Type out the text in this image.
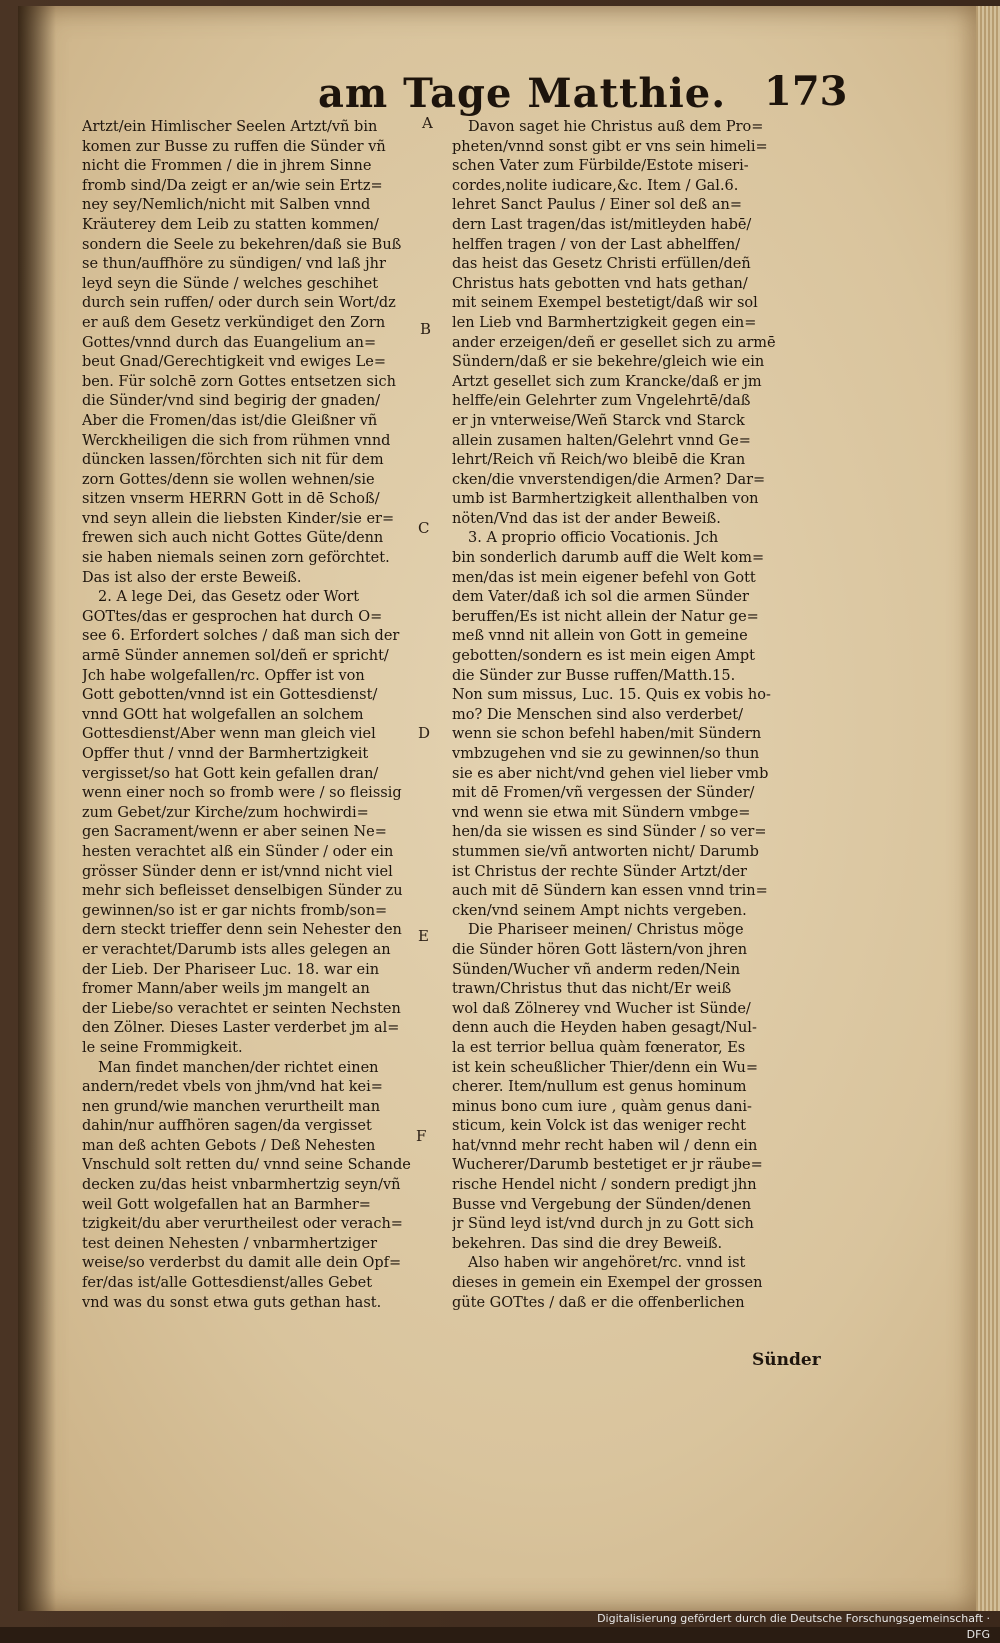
am Tage Matthie. 173
Artzt/ein Himlischer Seelen Artzt/vñ bin
komen zur Busse zu ruffen die Sünder vñ
nicht die Frommen / die in jhrem Sinne
fromb sind/Da zeigt er an/wie sein Ertz=
ney sey/Nemlich/nicht mit Salben vnnd
Kräuterey dem Leib zu statten kommen/
sondern die Seele zu bekehren/daß sie Buß
se thun/auffhöre zu sündigen/ vnd laß jhr
leyd seyn die Sünde / welches geschihet
durch sein ruffen/ oder durch sein Wort/dz
er auß dem Gesetz verkündiget den Zorn
Gottes/vnnd durch das Euangelium an=
beut Gnad/Gerechtigkeit vnd ewiges Le=
ben. Für solchē zorn Gottes entsetzen sich
die Sünder/vnd sind begirig der gnaden/
Aber die Fromen/das ist/die Gleißner vñ
Werckheiligen die sich from rühmen vnnd
düncken lassen/förchten sich nit für dem
zorn Gottes/denn sie wollen wehnen/sie
sitzen vnserm HERRN Gott in dē Schoß/
vnd seyn allein die liebsten Kinder/sie er=
frewen sich auch nicht Gottes Güte/denn
sie haben niemals seinen zorn geförchtet.
Das ist also der erste Beweiß.
2. A lege Dei, das Gesetz oder Wort
GOTtes/das er gesprochen hat durch O=
see 6. Erfordert solches / daß man sich der
armē Sünder annemen sol/deñ er spricht/
Jch habe wolgefallen/rc. Opffer ist von
Gott gebotten/vnnd ist ein Gottesdienst/
vnnd GOtt hat wolgefallen an solchem
Gottesdienst/Aber wenn man gleich viel
Opffer thut / vnnd der Barmhertzigkeit
vergisset/so hat Gott kein gefallen dran/
wenn einer noch so fromb were / so fleissig
zum Gebet/zur Kirche/zum hochwirdi=
gen Sacrament/wenn er aber seinen Ne=
hesten verachtet alß ein Sünder / oder ein
grösser Sünder denn er ist/vnnd nicht viel
mehr sich befleisset denselbigen Sünder zu
gewinnen/so ist er gar nichts fromb/son=
dern steckt trieffer denn sein Nehester den
er verachtet/Darumb ists alles gelegen an
der Lieb. Der Phariseer Luc. 18. war ein
fromer Mann/aber weils jm mangelt an
der Liebe/so verachtet er seinten Nechsten
den Zölner. Dieses Laster verderbet jm al=
le seine Frommigkeit.
Man findet manchen/der richtet einen
andern/redet vbels von jhm/vnd hat kei=
nen grund/wie manchen verurtheilt man
dahin/nur auffhören sagen/da vergisset
man deß achten Gebots / Deß Nehesten
Vnschuld solt retten du/ vnnd seine Schande
decken zu/das heist vnbarmhertzig seyn/vñ
weil Gott wolgefallen hat an Barmher=
tzigkeit/du aber verurtheilest oder verach=
test deinen Nehesten / vnbarmhertziger
weise/so verderbst du damit alle dein Opf=
fer/das ist/alle Gottesdienst/alles Gebet
vnd was du sonst etwa guts gethan hast.
Davon saget hie Christus auß dem Pro=
pheten/vnnd sonst gibt er vns sein himeli=
schen Vater zum Fürbilde/Estote miseri-
cordes,nolite iudicare,&c. Item / Gal.6.
lehret Sanct Paulus / Einer sol deß an=
dern Last tragen/das ist/mitleyden habē/
helffen tragen / von der Last abhelffen/
das heist das Gesetz Christi erfüllen/deñ
Christus hats gebotten vnd hats gethan/
mit seinem Exempel bestetigt/daß wir sol
len Lieb vnd Barmhertzigkeit gegen ein=
ander erzeigen/deñ er gesellet sich zu armē
Sündern/daß er sie bekehre/gleich wie ein
Artzt gesellet sich zum Krancke/daß er jm
helffe/ein Gelehrter zum Vngelehrtē/daß
er jn vnterweise/Weñ Starck vnd Starck
allein zusamen halten/Gelehrt vnnd Ge=
lehrt/Reich vñ Reich/wo bleibē die Kran
cken/die vnverstendigen/die Armen? Dar=
umb ist Barmhertzigkeit allenthalben von
nöten/Vnd das ist der ander Beweiß.
3. A proprio officio Vocationis. Jch
bin sonderlich darumb auff die Welt kom=
men/das ist mein eigener befehl von Gott
dem Vater/daß ich sol die armen Sünder
beruffen/Es ist nicht allein der Natur ge=
meß vnnd nit allein von Gott in gemeine
gebotten/sondern es ist mein eigen Ampt
die Sünder zur Busse ruffen/Matth.15.
Non sum missus, Luc. 15. Quis ex vobis ho-
mo? Die Menschen sind also verderbet/
wenn sie schon befehl haben/mit Sündern
vmbzugehen vnd sie zu gewinnen/so thun
sie es aber nicht/vnd gehen viel lieber vmb
mit dē Fromen/vñ vergessen der Sünder/
vnd wenn sie etwa mit Sündern vmbge=
hen/da sie wissen es sind Sünder / so ver=
stummen sie/vñ antworten nicht/ Darumb
ist Christus der rechte Sünder Artzt/der
auch mit dē Sündern kan essen vnnd trin=
cken/vnd seinem Ampt nichts vergeben.
Die Phariseer meinen/ Christus möge
die Sünder hören Gott lästern/von jhren
Sünden/Wucher vñ anderm reden/Nein
trawn/Christus thut das nicht/Er weiß
wol daß Zölnerey vnd Wucher ist Sünde/
denn auch die Heyden haben gesagt/Nul-
la est terrior bellua quàm fœnerator, Es
ist kein scheußlicher Thier/denn ein Wu=
cherer. Item/nullum est genus hominum
minus bono cum iure , quàm genus dani-
sticum, kein Volck ist das weniger recht
hat/vnnd mehr recht haben wil / denn ein
Wucherer/Darumb bestetiget er jr räube=
rische Hendel nicht / sondern predigt jhn
Busse vnd Vergebung der Sünden/denen
jr Sünd leyd ist/vnd durch jn zu Gott sich
bekehren. Das sind die drey Beweiß.
Also haben wir angehöret/rc. vnnd ist
dieses in gemein ein Exempel der grossen
güte GOTtes / daß er die offenberlichen
A
B
C
D
E
F
Sünder
Digitalisierung gefördert durch die Deutsche Forschungsgemeinschaft · DFG
